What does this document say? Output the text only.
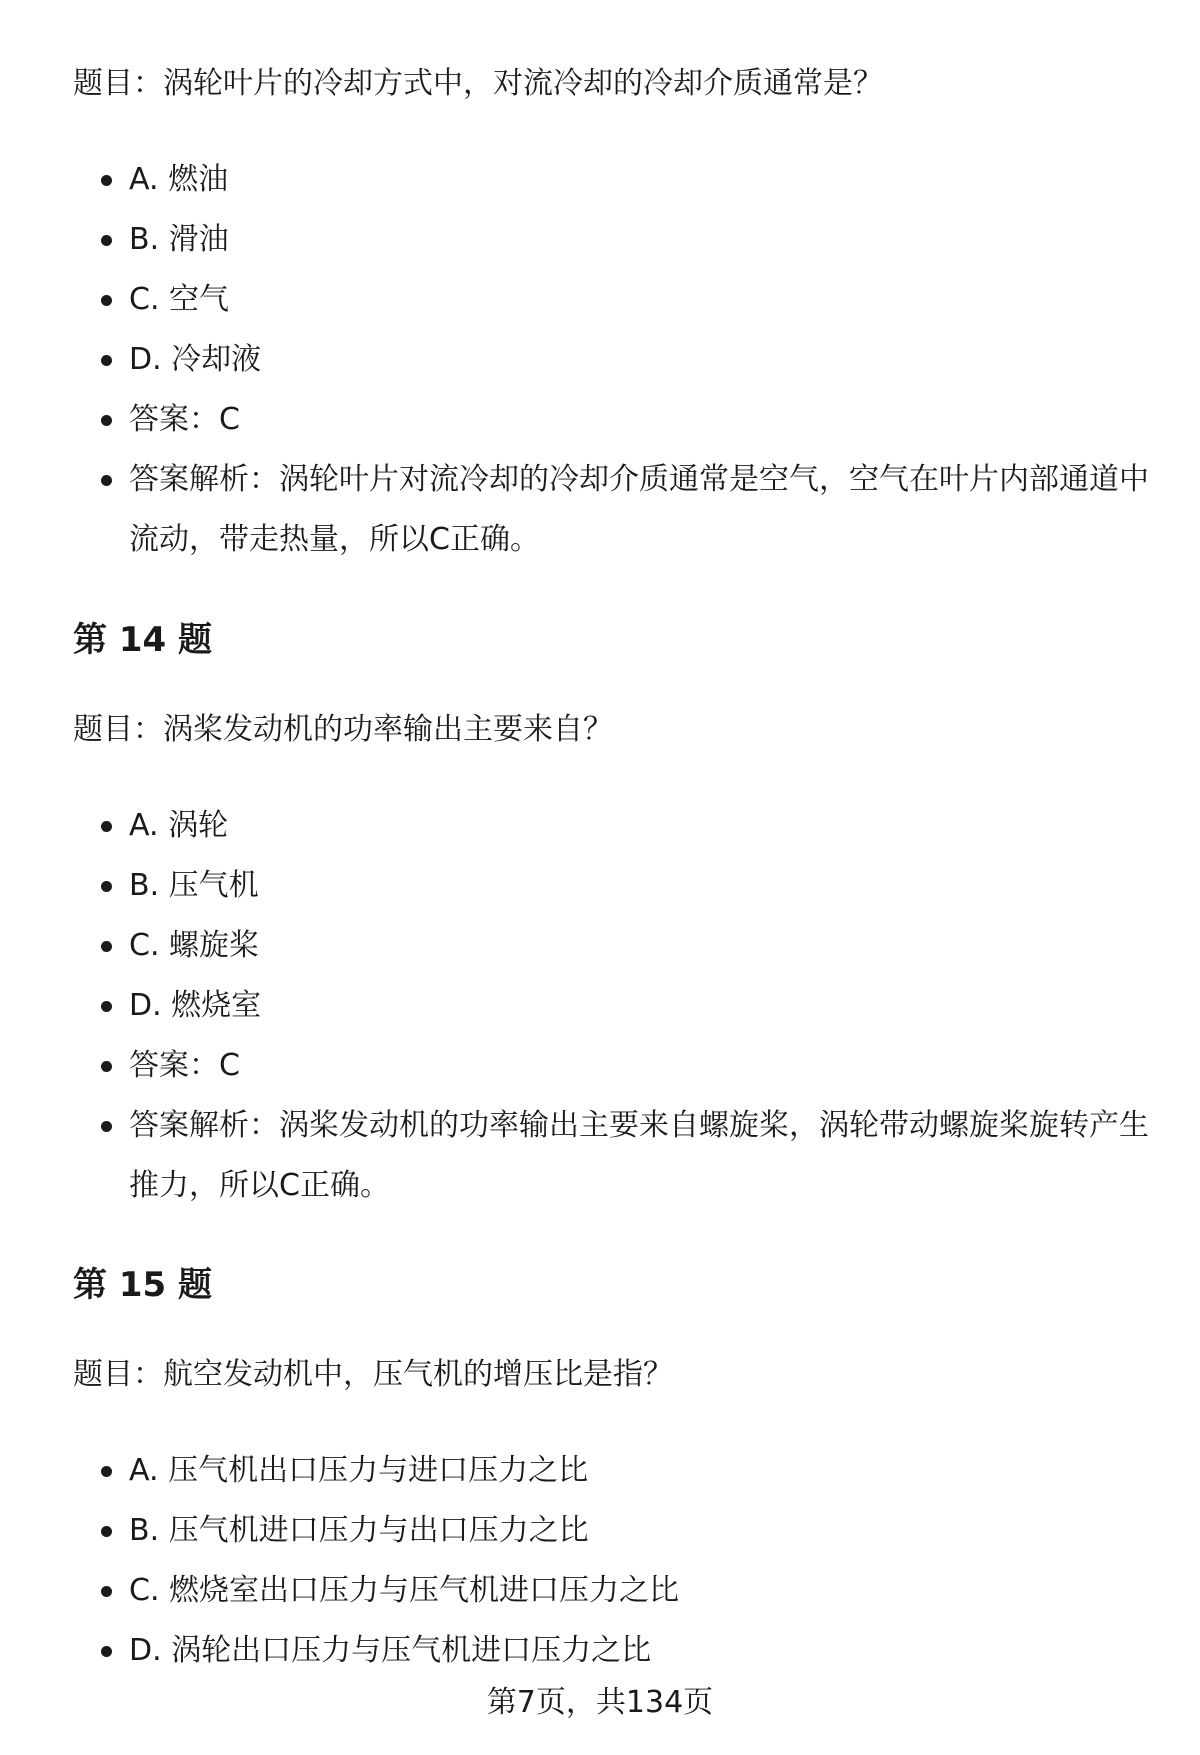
题目：涡轮叶片的冷却方式中，对流冷却的冷却介质通常是？

A. 燃油
B. 滑油
C. 空气
D. 冷却液
答案：C
答案解析：涡轮叶片对流冷却的冷却介质通常是空气，空气在叶片内部通道中流动，带走热量，所以C正确。
第 14 题

题目：涡桨发动机的功率输出主要来自？

A. 涡轮
B. 压气机
C. 螺旋桨
D. 燃烧室
答案：C
答案解析：涡桨发动机的功率输出主要来自螺旋桨，涡轮带动螺旋桨旋转产生推力，所以C正确。
第 15 题

题目：航空发动机中，压气机的增压比是指？

A. 压气机出口压力与进口压力之比
B. 压气机进口压力与出口压力之比
C. 燃烧室出口压力与压气机进口压力之比
D. 涡轮出口压力与压气机进口压力之比
第7页，共134页
